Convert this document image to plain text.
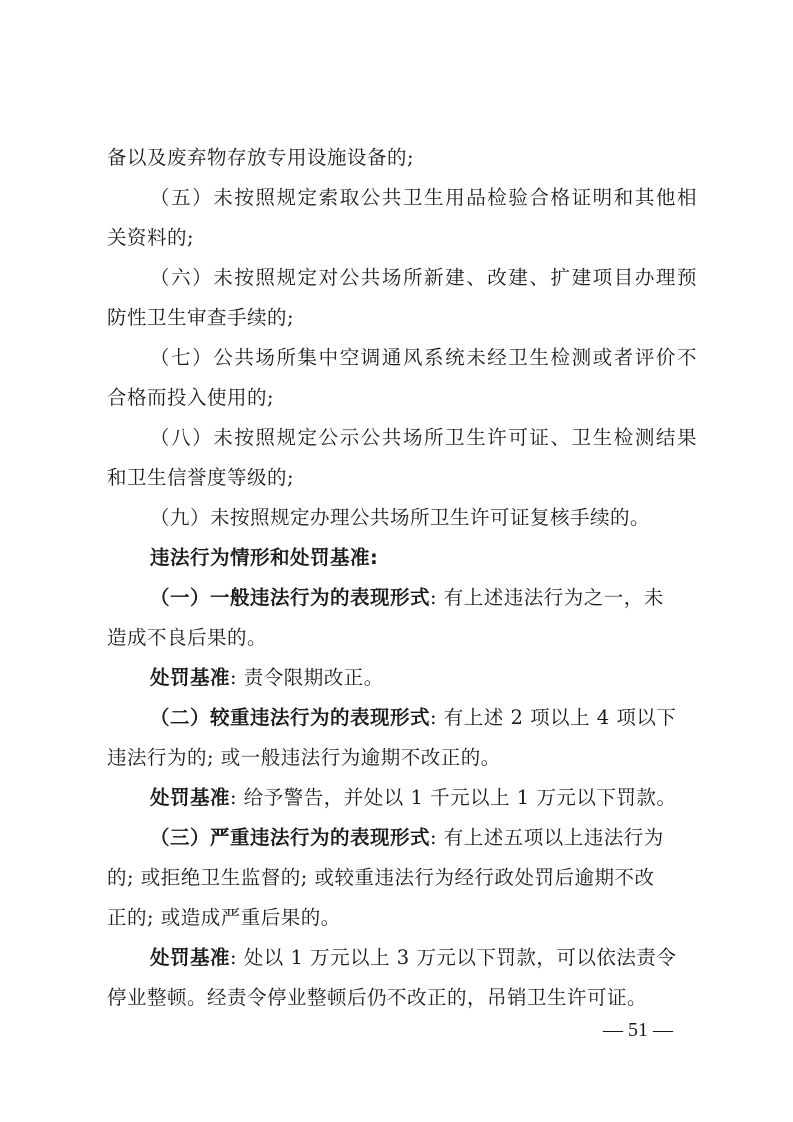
备以及废弃物存放专用设施设备的;
（五）未按照规定索取公共卫生用品检验合格证明和其他相
关资料的;
（六）未按照规定对公共场所新建、改建、扩建项目办理预
防性卫生审查手续的;
（七）公共场所集中空调通风系统未经卫生检测或者评价不
合格而投入使用的;
（八）未按照规定公示公共场所卫生许可证、卫生检测结果
和卫生信誉度等级的;
（九）未按照规定办理公共场所卫生许可证复核手续的。
违法行为情形和处罚基准:
（一）一般违法行为的表现形式: 有上述违法行为之一，未
造成不良后果的。
处罚基准: 责令限期改正。
（二）较重违法行为的表现形式: 有上述 2 项以上 4 项以下
违法行为的; 或一般违法行为逾期不改正的。
处罚基准: 给予警告，并处以 1 千元以上 1 万元以下罚款。
（三）严重违法行为的表现形式: 有上述五项以上违法行为
的; 或拒绝卫生监督的; 或较重违法行为经行政处罚后逾期不改
正的; 或造成严重后果的。
处罚基准: 处以 1 万元以上 3 万元以下罚款，可以依法责令
停业整顿。经责令停业整顿后仍不改正的，吊销卫生许可证。
— 51 —
